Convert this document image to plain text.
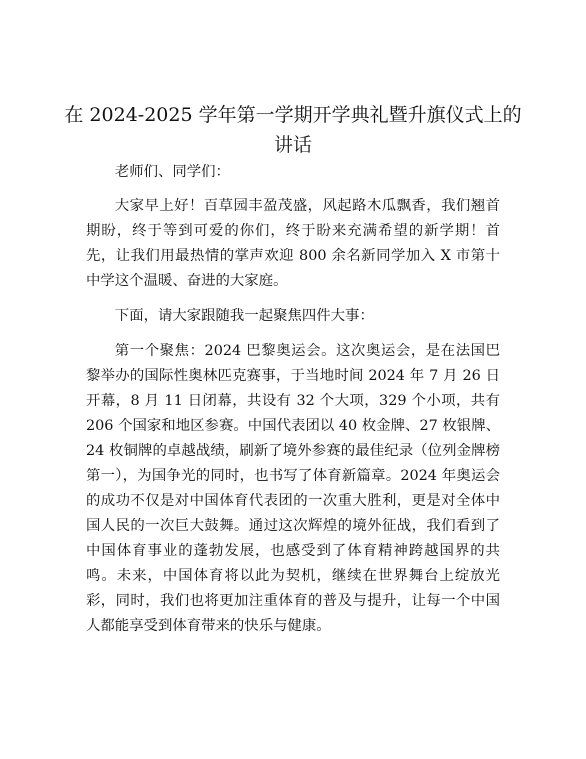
在 2024-2025 学年第一学期开学典礼暨升旗仪式上的讲话

老师们、同学们：

大家早上好！百草园丰盈茂盛，风起路木瓜飘香，我们翘首期盼，终于等到可爱的你们，终于盼来充满希望的新学期！首先，让我们用最热情的掌声欢迎 800 余名新同学加入 X 市第十中学这个温暖、奋进的大家庭。

下面，请大家跟随我一起聚焦四件大事：

第一个聚焦：2024 巴黎奥运会。这次奥运会，是在法国巴黎举办的国际性奥林匹克赛事，于当地时间 2024 年 7 月 26 日开幕，8 月 11 日闭幕，共设有 32 个大项，329 个小项，共有 206 个国家和地区参赛。中国代表团以 40 枚金牌、27 枚银牌、24 枚铜牌的卓越战绩，刷新了境外参赛的最佳纪录（位列金牌榜第一），为国争光的同时，也书写了体育新篇章。2024 年奥运会的成功不仅是对中国体育代表团的一次重大胜利，更是对全体中国人民的一次巨大鼓舞。通过这次辉煌的境外征战，我们看到了中国体育事业的蓬勃发展，也感受到了体育精神跨越国界的共鸣。未来，中国体育将以此为契机，继续在世界舞台上绽放光彩，同时，我们也将更加注重体育的普及与提升，让每一个中国人都能享受到体育带来的快乐与健康。
